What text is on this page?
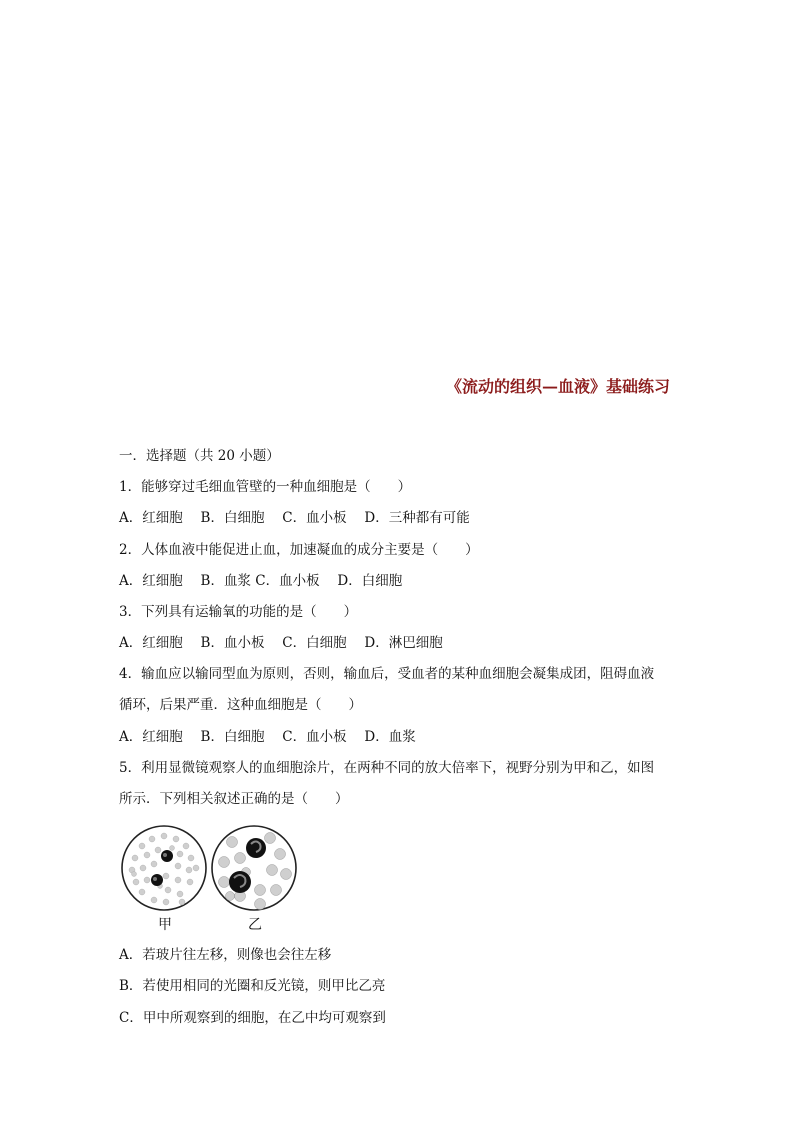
《流动的组织—血液》基础练习
一．选择题（共 20 小题）
1．能够穿过毛细血管壁的一种血细胞是（　　）
A．红细胞　 B．白细胞　 C．血小板　 D．三种都有可能
2．人体血液中能促进止血，加速凝血的成分主要是（　　）
A．红细胞　 B．血浆 C．血小板　 D．白细胞
3．下列具有运输氧的功能的是（　　）
A．红细胞　 B．血小板　 C．白细胞　 D．淋巴细胞
4．输血应以输同型血为原则，否则，输血后，受血者的某种血细胞会凝集成团，阻碍血液
循环，后果严重．这种血细胞是（　　）
A．红细胞　 B．白细胞　 C．血小板　 D．血浆
5．利用显微镜观察人的血细胞涂片，在两种不同的放大倍率下，视野分别为甲和乙，如图
所示．下列相关叙述正确的是（　　）
甲	乙
A．若玻片往左移，则像也会往左移
B．若使用相同的光圈和反光镜，则甲比乙亮
C．甲中所观察到的细胞，在乙中均可观察到
